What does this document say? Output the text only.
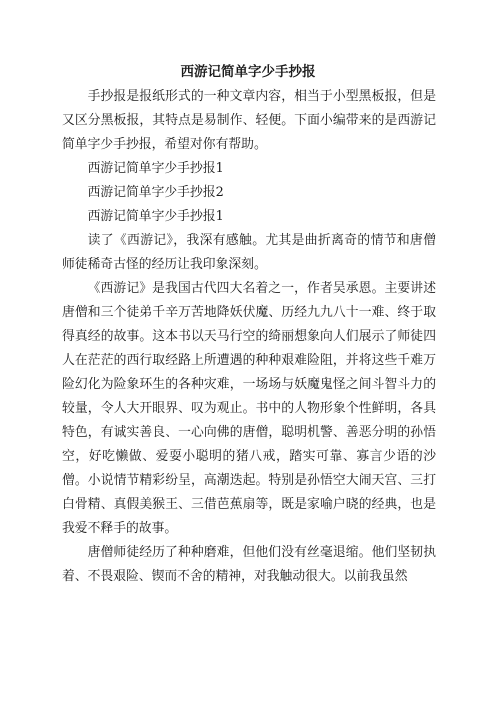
西游记简单字少手抄报

手抄报是报纸形式的一种文章内容，相当于小型黑板报，但是又区分黑板报，其特点是易制作、轻便。下面小编带来的是西游记简单字少手抄报，希望对你有帮助。

西游记简单字少手抄报1

西游记简单字少手抄报2

西游记简单字少手抄报1

读了《西游记》，我深有感触。尤其是曲折离奇的情节和唐僧师徒稀奇古怪的经历让我印象深刻。

《西游记》是我国古代四大名着之一，作者吴承恩。主要讲述唐僧和三个徒弟千辛万苦地降妖伏魔、历经九九八十一难、终于取得真经的故事。这本书以天马行空的绮丽想象向人们展示了师徒四人在茫茫的西行取经路上所遭遇的种种艰难险阻，并将这些千难万险幻化为险象环生的各种灾难，一场场与妖魔鬼怪之间斗智斗力的较量，令人大开眼界、叹为观止。书中的人物形象个性鲜明，各具特色，有诚实善良、一心向佛的唐僧，聪明机警、善恶分明的孙悟空，好吃懒做、爱耍小聪明的猪八戒，踏实可靠、寡言少语的沙僧。小说情节精彩纷呈，高潮迭起。特别是孙悟空大闹天宫、三打白骨精、真假美猴王、三借芭蕉扇等，既是家喻户晓的经典，也是我爱不释手的故事。

唐僧师徒经历了种种磨难，但他们没有丝毫退缩。他们坚韧执着、不畏艰险、锲而不舍的精神，对我触动很大。以前我虽然
